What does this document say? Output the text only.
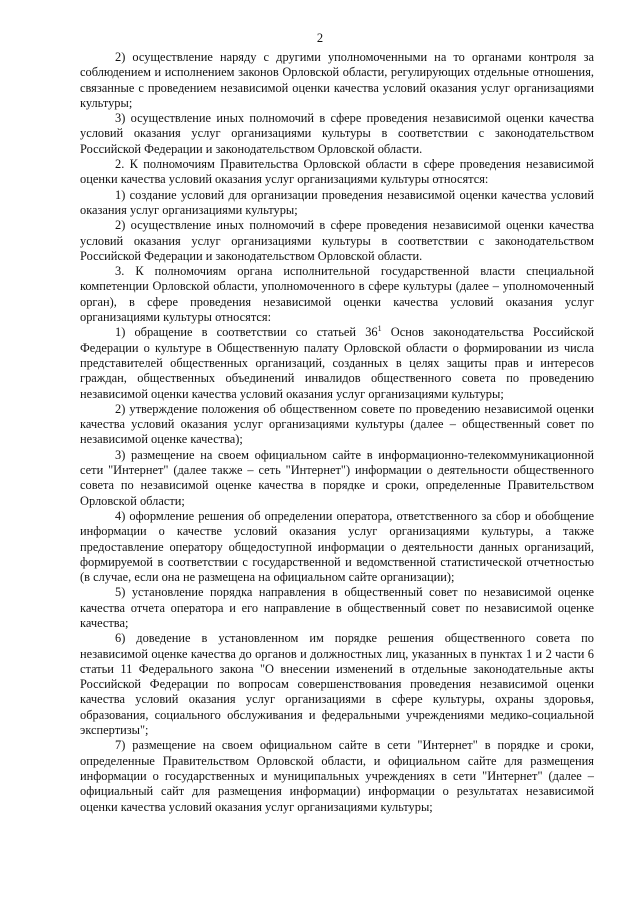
2

2) осуществление наряду с другими уполномоченными на то органами контроля за соблюдением и исполнением законов Орловской области, регулирующих отдельные отношения, связанные с проведением независимой оценки качества условий оказания услуг организациями культуры;

3) осуществление иных полномочий в сфере проведения независимой оценки качества условий оказания услуг организациями культуры в соответствии с законодательством Российской Федерации и законодательством Орловской области.

2. К полномочиям Правительства Орловской области в сфере проведения независимой оценки качества условий оказания услуг организациями культуры относятся:

1) создание условий для организации проведения независимой оценки качества условий оказания услуг организациями культуры;

2) осуществление иных полномочий в сфере проведения независимой оценки качества условий оказания услуг организациями культуры в соответствии с законодательством Российской Федерации и законодательством Орловской области.

3. К полномочиям органа исполнительной государственной власти специальной компетенции Орловской области, уполномоченного в сфере культуры (далее – уполномоченный орган), в сфере проведения независимой оценки качества условий оказания услуг организациями культуры относятся:

1) обращение в соответствии со статьей $36^1$ Основ законодательства Российской Федерации о культуре в Общественную палату Орловской области о формировании из числа представителей общественных организаций, созданных в целях защиты прав и интересов граждан, общественных объединений инвалидов общественного совета по проведению независимой оценки качества условий оказания услуг организациями культуры;

2) утверждение положения об общественном совете по проведению независимой оценки качества условий оказания услуг организациями культуры (далее – общественный совет по независимой оценке качества);

3) размещение на своем официальном сайте в информационно-телекоммуникационной сети "Интернет" (далее также – сеть "Интернет") информации о деятельности общественного совета по независимой оценке качества в порядке и сроки, определенные Правительством Орловской области;

4) оформление решения об определении оператора, ответственного за сбор и обобщение информации о качестве условий оказания услуг организациями культуры, а также предоставление оператору общедоступной информации о деятельности данных организаций, формируемой в соответствии с государственной и ведомственной статистической отчетностью (в случае, если она не размещена на официальном сайте организации);

5) установление порядка направления в общественный совет по независимой оценке качества отчета оператора и его направление в общественный совет по независимой оценке качества;

6) доведение в установленном им порядке решения общественного совета по независимой оценке качества до органов и должностных лиц, указанных в пунктах 1 и 2 части 6 статьи 11 Федерального закона "О внесении изменений в отдельные законодательные акты Российской Федерации по вопросам совершенствования проведения независимой оценки качества условий оказания услуг организациями в сфере культуры, охраны здоровья, образования, социального обслуживания и федеральными учреждениями медико-социальной экспертизы";

7) размещение на своем официальном сайте в сети "Интернет" в порядке и сроки, определенные Правительством Орловской области, и официальном сайте для размещения информации о государственных и муниципальных учреждениях в сети "Интернет" (далее – официальный сайт для размещения информации) информации о результатах независимой оценки качества условий оказания услуг организациями культуры;
